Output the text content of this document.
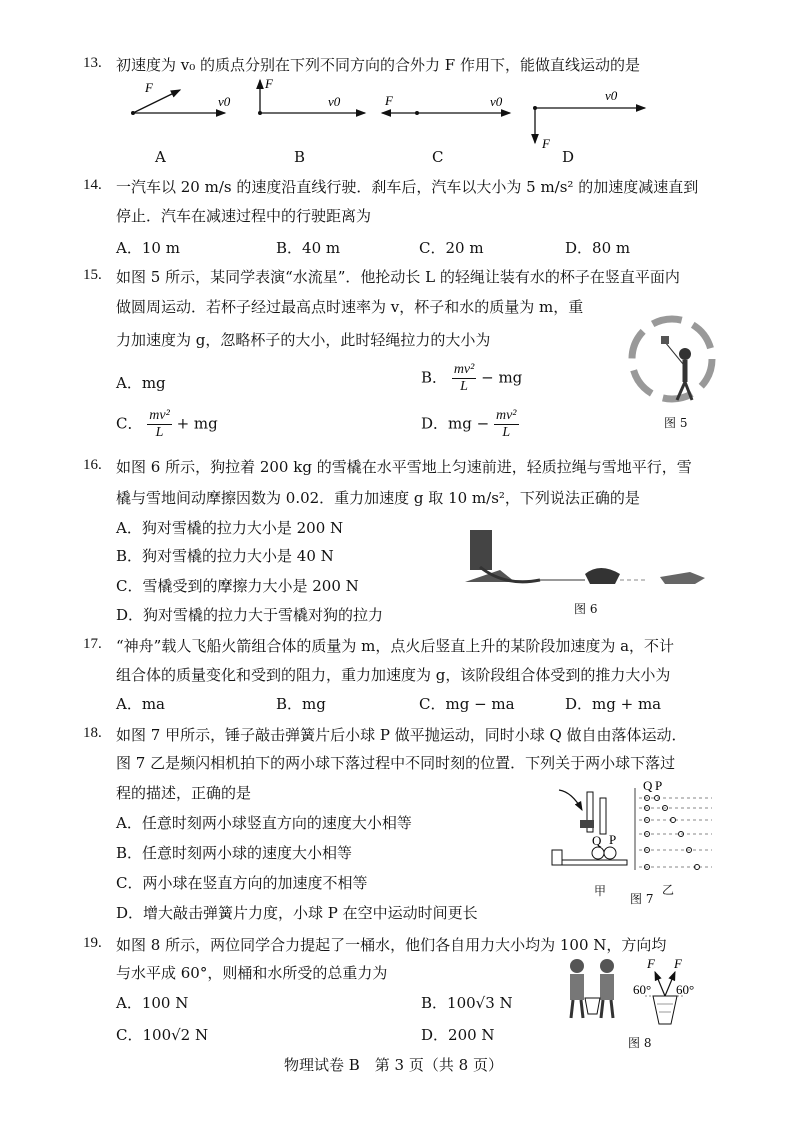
13. 初速度为 v₀ 的质点分别在下列不同方向的合外力 F 作用下，能做直线运动的是
F
v0
F
v0	F	v0	v0
F
A	B	C	D
14. 一汽车以 20 m/s 的速度沿直线行驶．刹车后，汽车以大小为 5 m/s² 的加速度减速直到
停止．汽车在减速过程中的行驶距离为
A．10 m	B．40 m	C．20 m	D．80 m
15. 如图 5 所示，某同学表演“水流星”．他抡动长 L 的轻绳让装有水的杯子在竖直平面内
做圆周运动．若杯子经过最高点时速率为 v，杯子和水的质量为 m，重
力加速度为 g，忽略杯子的大小，此时轻绳拉力的大小为
A．mg	B． $\frac{\text{mv²}}{L}$ − mg
C． $\frac{\text{mv²}}{L}$ + mg	D．mg − $\frac{\text{mv²}}{L}$	图 5
16. 如图 6 所示，狗拉着 200 kg 的雪橇在水平雪地上匀速前进，轻质拉绳与雪地平行，雪
橇与雪地间动摩擦因数为 0.02．重力加速度 g 取 10 m/s²，下列说法正确的是
A．狗对雪橇的拉力大小是 200 N
B．狗对雪橇的拉力大小是 40 N
C．雪橇受到的摩擦力大小是 200 N
D．狗对雪橇的拉力大于雪橇对狗的拉力	图 6
17. “神舟”载人飞船火箭组合体的质量为 m，点火后竖直上升的某阶段加速度为 a，不计
组合体的质量变化和受到的阻力，重力加速度为 g，该阶段组合体受到的推力大小为
A．ma	B．mg	C．mg − ma	D．mg + ma
18. 如图 7 甲所示，锤子敲击弹簧片后小球 P 做平抛运动，同时小球 Q 做自由落体运动．
图 7 乙是频闪相机拍下的两小球下落过程中不同时刻的位置．下列关于两小球下落过
程的描述，正确的是
A．任意时刻两小球竖直方向的速度大小相等
B．任意时刻两小球的速度大小相等
C．两小球在竖直方向的加速度不相等
D．增大敲击弹簧片力度，小球 P 在空中运动时间更长
Q P
Q P
甲	乙
图 7
19. 如图 8 所示，两位同学合力提起了一桶水，他们各自用力大小均为 100 N，方向均
与水平成 60°，则桶和水所受的总重力为
A．100 N	B．100√3 N
C．100√2 N	D．200 N
F F
60° 60°
图 8
物理试卷 B　第 3 页（共 8 页）
